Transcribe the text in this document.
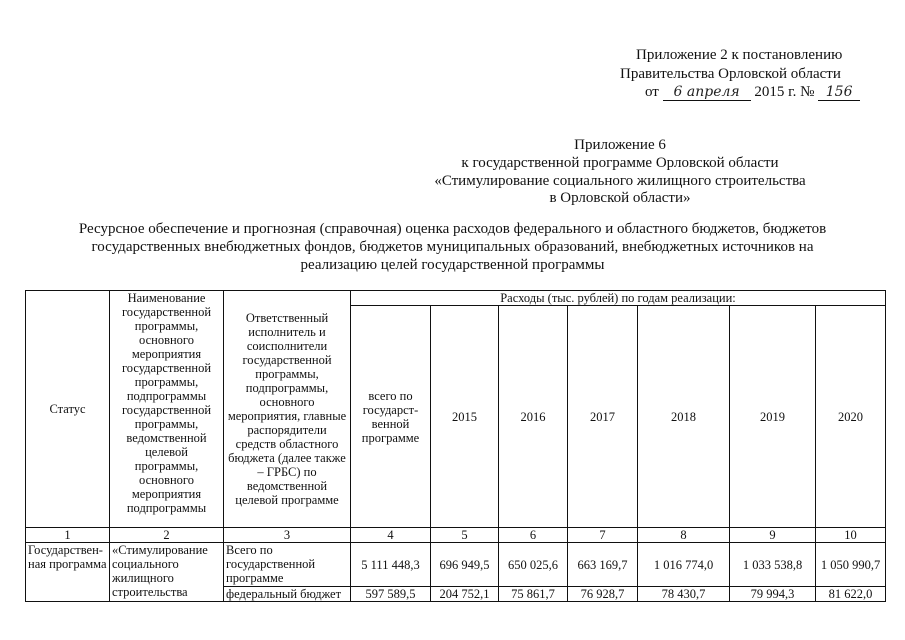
Приложение 2 к постановлению
Правительства Орловской области
от 6 апреля 2015 г. № 156
Приложение 6
к государственной программе Орловской области
«Стимулирование социального жилищного строительства
в Орловской области»
Ресурсное обеспечение и прогнозная (справочная) оценка расходов федерального и областного бюджетов, бюджетов
государственных внебюджетных фондов, бюджетов муниципальных образований, внебюджетных источников на
реализацию целей государственной программы
Статус	Наименование государственной программы, основного мероприятия государственной программы, подпрограммы государственной программы, ведомственной целевой программы, основного мероприятия подпрограммы	Ответственный исполнитель и соисполнители государственной программы, подпрограммы, основного мероприятия, главные распорядители средств областного бюджета (далее также – ГРБС) по ведомственной целевой программе	Расходы (тыс. рублей) по годам реализации:						
			всего по государст-венной программе	2015	2016	2017	2018	2019	2020
1	2	3	4	5	6	7	8	9	10
Государствен-ная программа	«Стимулирование социального жилищного строительства	Всего по государственной программе	5 111 448,3	696 949,5	650 025,6	663 169,7	1 016 774,0	1 033 538,8	1 050 990,7
		федеральный бюджет	597 589,5	204 752,1	75 861,7	76 928,7	78 430,7	79 994,3	81 622,0
